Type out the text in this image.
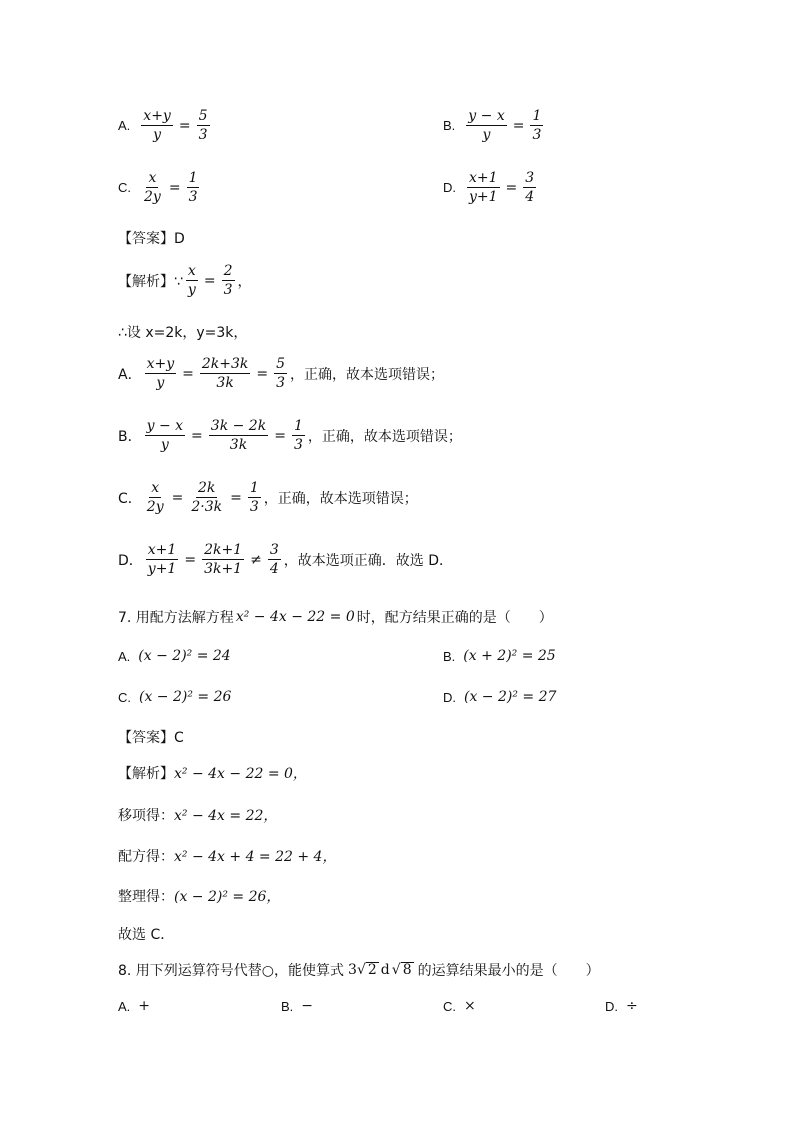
A. $\frac{x+y}{y} = \frac{5}{3}$	B. $\frac{y - x}{y} = \frac{1}{3}$
C. $\frac{x}{2y} = \frac{1}{3}$	D. $\frac{x+1}{y+1} = \frac{3}{4}$
【答案】D
【解析】∵ $\frac{x}{y} = \frac{2}{3}$ ，
∴设 x=2k，y=3k，
A． $\frac{x+y}{y} = \frac{2k+3k}{3k} = \frac{5}{3}$ ，正确，故本选项错误；
B． $\frac{y - x}{y} = \frac{3k - 2k}{3k} = \frac{1}{3}$ ，正确，故本选项错误；
C． $\frac{x}{2y} = \frac{2k}{2\cdot 3k} = \frac{1}{3}$ ，正确，故本选项错误；
D． $\frac{x+1}{y+1} = \frac{2k+1}{3k+1} \ne \frac{3}{4}$ ，故本选项正确．故选 D．
7. 用配方法解方程 x² − 4x − 22 = 0 时，配方结果正确的是（　　）
A. (x − 2)² = 24	B. (x + 2)² = 25
C. (x − 2)² = 26	D. (x − 2)² = 27
【答案】C
【解析】 x² − 4x − 22 = 0，
移项得： x² − 4x = 22，
配方得： x² − 4x + 4 = 22 + 4，
整理得： (x − 2)² = 26，
故选 C．
8. 用下列运算符号代替○，能使算式 3 √ 2 d √ 8 的运算结果最小的是（　　）
A. +	B. −	C. ×	D. ÷
